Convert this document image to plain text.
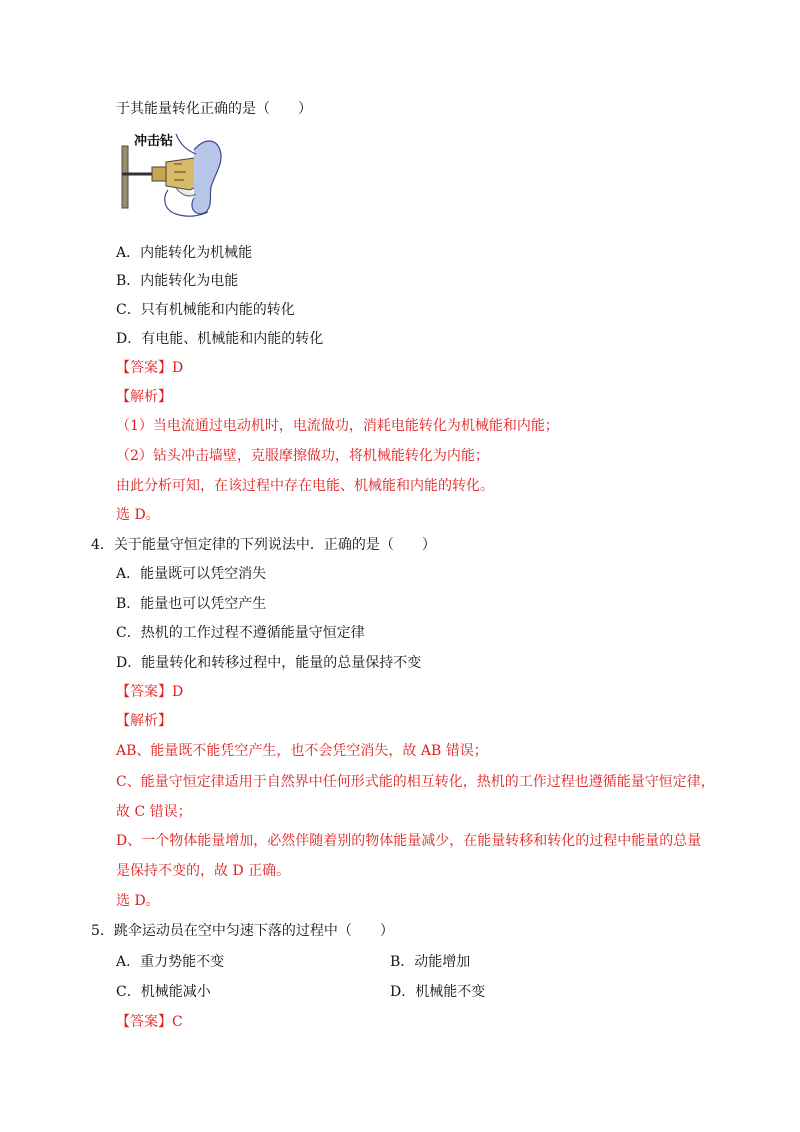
于其能量转化正确的是（　　）
冲击钻
A．内能转化为机械能
B．内能转化为电能
C．只有机械能和内能的转化
D．有电能、机械能和内能的转化
【答案】D
【解析】
（1）当电流通过电动机时，电流做功，消耗电能转化为机械能和内能；
（2）钻头冲击墙壁，克服摩擦做功，将机械能转化为内能；
由此分析可知，在该过程中存在电能、机械能和内能的转化。
选 D。
4．关于能量守恒定律的下列说法中．正确的是（　　）
A．能量既可以凭空消失
B．能量也可以凭空产生
C．热机的工作过程不遵循能量守恒定律
D．能量转化和转移过程中，能量的总量保持不变
【答案】D
【解析】
AB、能量既不能凭空产生，也不会凭空消失，故 AB 错误；
C、能量守恒定律适用于自然界中任何形式能的相互转化，热机的工作过程也遵循能量守恒定律，
故 C 错误；
D、一个物体能量增加，必然伴随着别的物体能量减少，在能量转移和转化的过程中能量的总量
是保持不变的，故 D 正确。
选 D。
5．跳伞运动员在空中匀速下落的过程中（　　）
A．重力势能不变	B．动能增加
C．机械能减小	D．机械能不变
【答案】C
